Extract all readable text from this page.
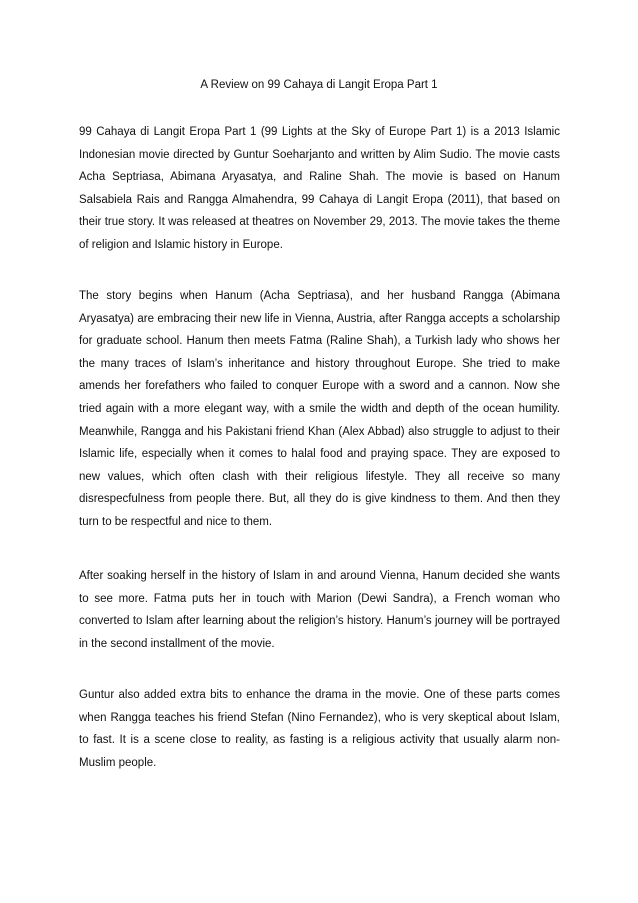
A Review on 99 Cahaya di Langit Eropa Part 1

99 Cahaya di Langit Eropa Part 1 (99 Lights at the Sky of Europe Part 1) is a 2013 Islamic Indonesian movie directed by Guntur Soeharjanto and written by Alim Sudio. The movie casts Acha Septriasa, Abimana Aryasatya, and Raline Shah. The movie is based on Hanum Salsabiela Rais and Rangga Almahendra, 99 Cahaya di Langit Eropa (2011), that based on their true story. It was released at theatres on November 29, 2013. The movie takes the theme of religion and Islamic history in Europe.

The story begins when Hanum (Acha Septriasa), and her husband Rangga (Abimana Aryasatya) are embracing their new life in Vienna, Austria, after Rangga accepts a scholarship for graduate school. Hanum then meets Fatma (Raline Shah), a Turkish lady who shows her the many traces of Islam’s inheritance and history throughout Europe. She tried to make amends her forefathers who failed to conquer Europe with a sword and a cannon. Now she tried again with a more elegant way, with a smile the width and depth of the ocean humility. Meanwhile, Rangga and his Pakistani friend Khan (Alex Abbad) also struggle to adjust to their Islamic life, especially when it comes to halal food and praying space. They are exposed to new values, which often clash with their religious lifestyle. They all receive so many disrespecfulness from people there. But, all they do is give kindness to them. And then they turn to be respectful and nice to them.

After soaking herself in the history of Islam in and around Vienna, Hanum decided she wants to see more. Fatma puts her in touch with Marion (Dewi Sandra), a French woman who converted to Islam after learning about the religion’s history. Hanum’s journey will be portrayed in the second installment of the movie.

Guntur also added extra bits to enhance the drama in the movie. One of these parts comes when Rangga teaches his friend Stefan (Nino Fernandez), who is very skeptical about Islam, to fast. It is a scene close to reality, as fasting is a religious activity that usually alarm non-Muslim people.
